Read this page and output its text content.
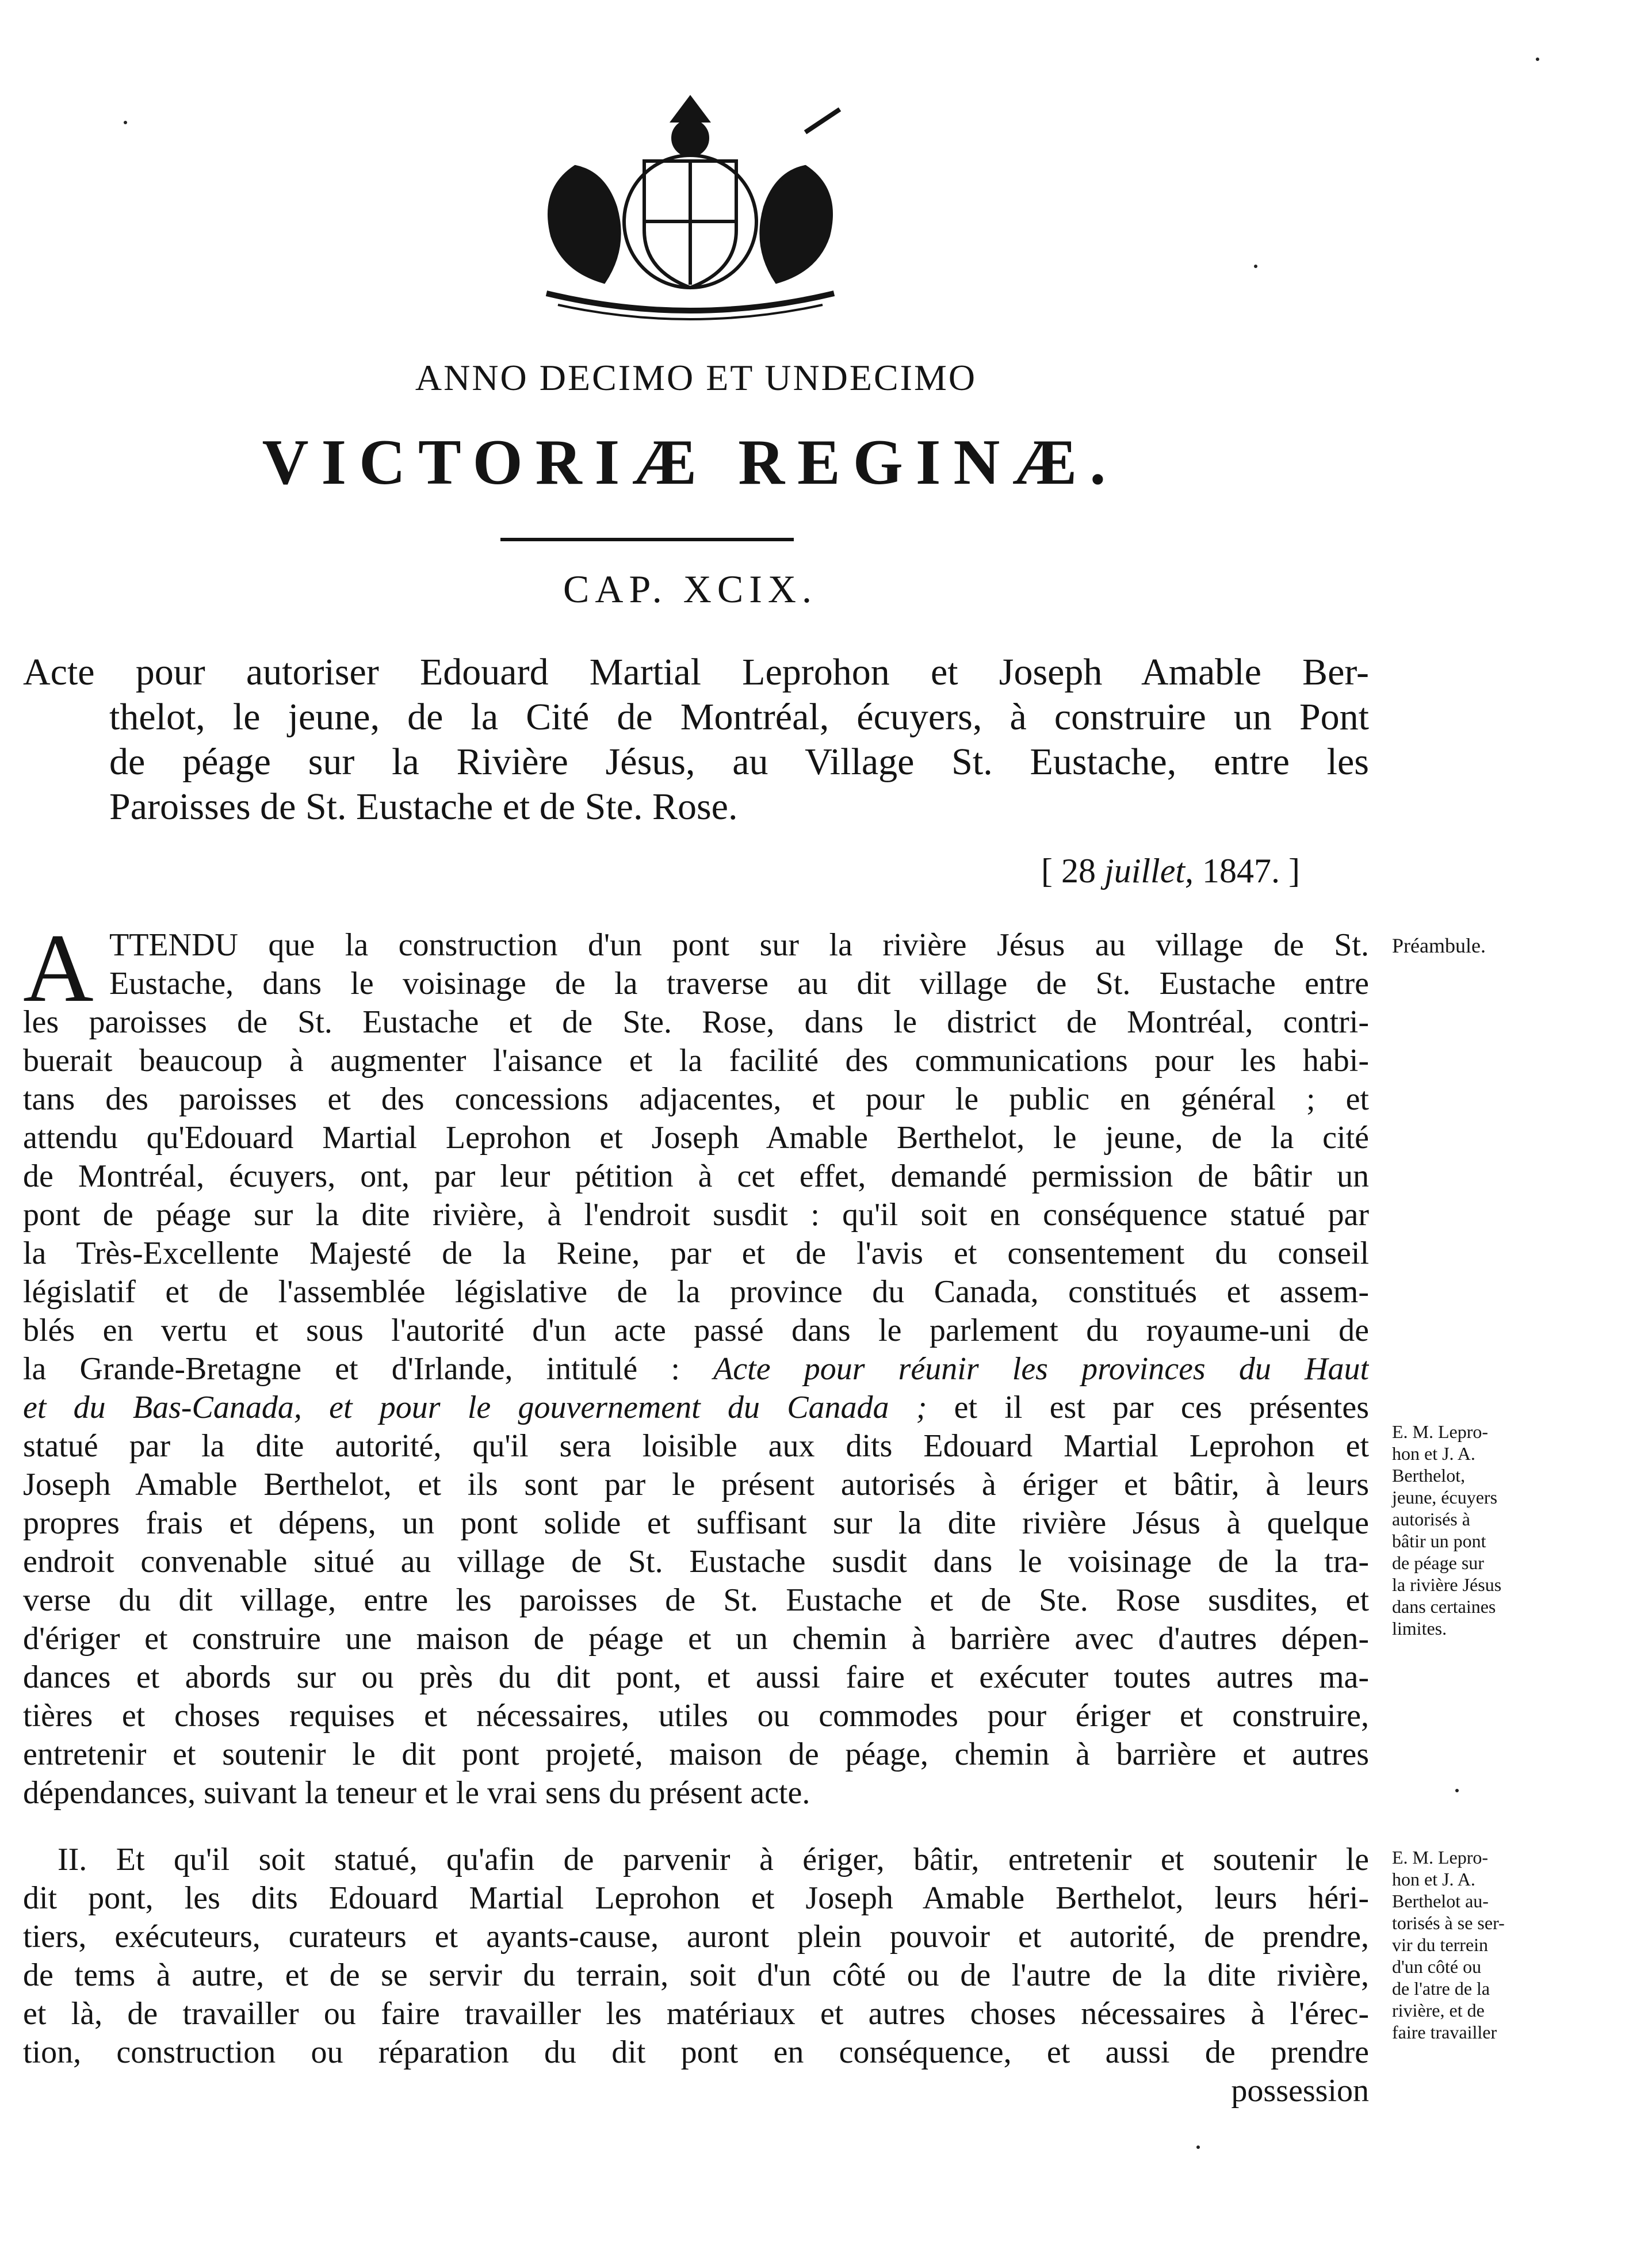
ANNO DECIMO ET UNDECIMO
VICTORIÆ REGINÆ.
CAP. XCIX.
Acte pour autoriser Edouard Martial Leprohon et Joseph Amable Ber-
thelot, le jeune, de la Cité de Montréal, écuyers, à construire un Pont
de péage sur la Rivière Jésus, au Village St. Eustache, entre les
Paroisses de St. Eustache et de Ste. Rose.
[ 28 juillet, 1847. ]
A TTENDU que la construction d'un pont sur la rivière Jésus au village de St.
Eustache, dans le voisinage de la traverse au dit village de St. Eustache entre
les paroisses de St. Eustache et de Ste. Rose, dans le district de Montréal, contri-
buerait beaucoup à augmenter l'aisance et la facilité des communications pour les habi-
tans des paroisses et des concessions adjacentes, et pour le public en général ; et
attendu qu'Edouard Martial Leprohon et Joseph Amable Berthelot, le jeune, de la cité
de Montréal, écuyers, ont, par leur pétition à cet effet, demandé permission de bâtir un
pont de péage sur la dite rivière, à l'endroit susdit : qu'il soit en conséquence statué par
la Très-Excellente Majesté de la Reine, par et de l'avis et consentement du conseil
législatif et de l'assemblée législative de la province du Canada, constitués et assem-
blés en vertu et sous l'autorité d'un acte passé dans le parlement du royaume-uni de
la Grande-Bretagne et d'Irlande, intitulé : Acte pour réunir les provinces du Haut
et du Bas-Canada, et pour le gouvernement du Canada ; et il est par ces présentes
statué par la dite autorité, qu'il sera loisible aux dits Edouard Martial Leprohon et
Joseph Amable Berthelot, et ils sont par le présent autorisés à ériger et bâtir, à leurs
propres frais et dépens, un pont solide et suffisant sur la dite rivière Jésus à quelque
endroit convenable situé au village de St. Eustache susdit dans le voisinage de la tra-
verse du dit village, entre les paroisses de St. Eustache et de Ste. Rose susdites, et
d'ériger et construire une maison de péage et un chemin à barrière avec d'autres dépen-
dances et abords sur ou près du dit pont, et aussi faire et exécuter toutes autres ma-
tières et choses requises et nécessaires, utiles ou commodes pour ériger et construire,
entretenir et soutenir le dit pont projeté, maison de péage, chemin à barrière et autres
dépendances, suivant la teneur et le vrai sens du présent acte.
II. Et qu'il soit statué, qu'afin de parvenir à ériger, bâtir, entretenir et soutenir le
dit pont, les dits Edouard Martial Leprohon et Joseph Amable Berthelot, leurs héri-
tiers, exécuteurs, curateurs et ayants-cause, auront plein pouvoir et autorité, de prendre,
de tems à autre, et de se servir du terrain, soit d'un côté ou de l'autre de la dite rivière,
et là, de travailler ou faire travailler les matériaux et autres choses nécessaires à l'érec-
tion, construction ou réparation du dit pont en conséquence, et aussi de prendre
possession
Préambule.
E. M. Lepro-
hon et J. A.
Berthelot,
jeune, écuyers
autorisés à
bâtir un pont
de péage sur
la rivière Jésus
dans certaines
limites.
E. M. Lepro-
hon et J. A.
Berthelot au-
torisés à se ser-
vir du terrein
d'un côté ou
de l'atre de la
rivière, et de
faire travailler
